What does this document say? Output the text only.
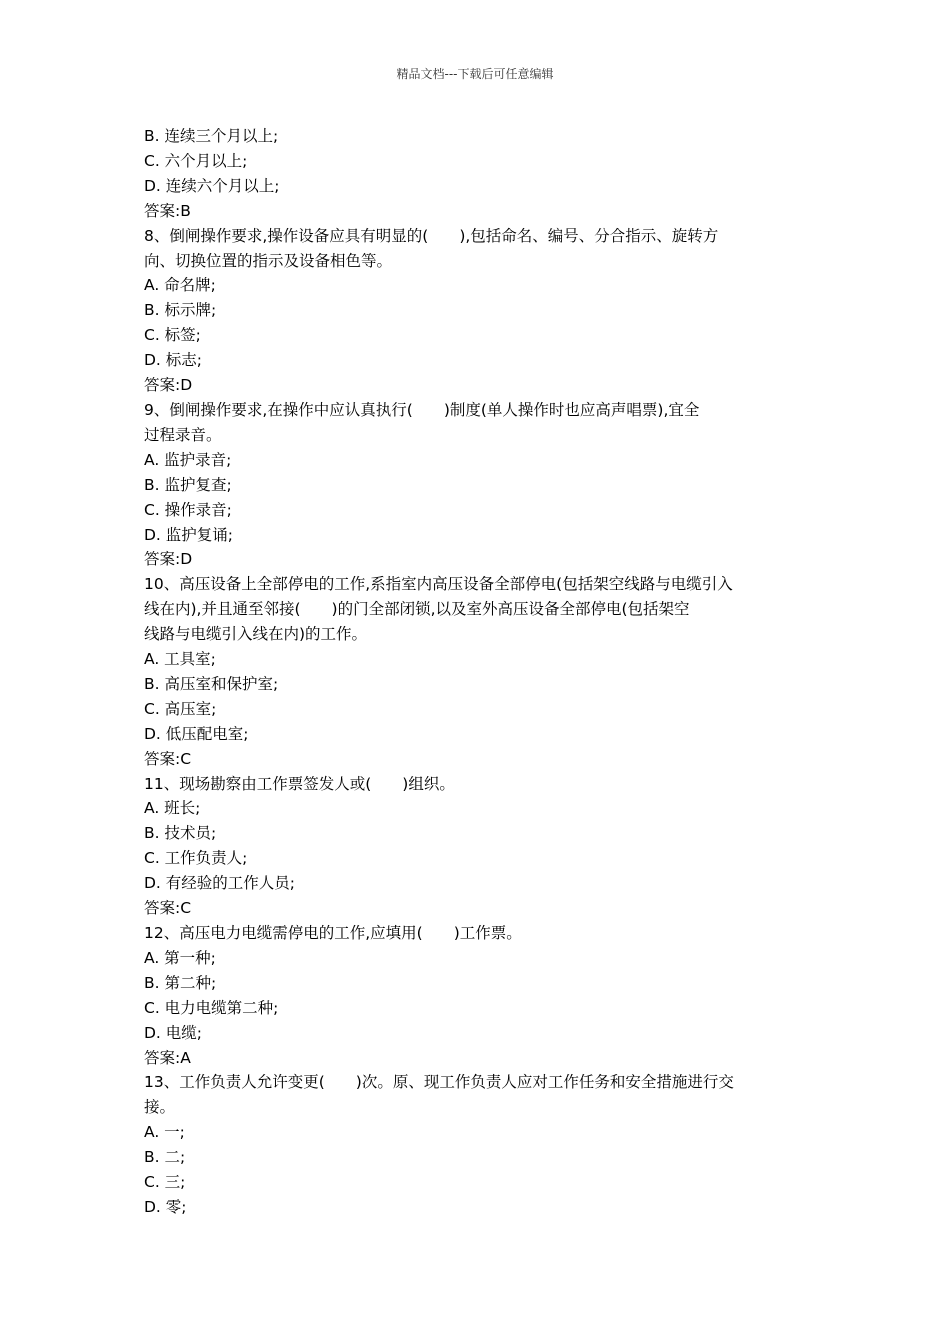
精品文档---下载后可任意编辑
B. 连续三个月以上;
C. 六个月以上;
D. 连续六个月以上;
答案:B
8、倒闸操作要求,操作设备应具有明显的(　　),包括命名、编号、分合指示、旋转方
向、切换位置的指示及设备相色等。
A. 命名牌;
B. 标示牌;
C. 标签;
D. 标志;
答案:D
9、倒闸操作要求,在操作中应认真执行(　　)制度(单人操作时也应高声唱票),宜全
过程录音。
A. 监护录音;
B. 监护复查;
C. 操作录音;
D. 监护复诵;
答案:D
10、高压设备上全部停电的工作,系指室内高压设备全部停电(包括架空线路与电缆引入
线在内),并且通至邻接(　　)的门全部闭锁,以及室外高压设备全部停电(包括架空
线路与电缆引入线在内)的工作。
A. 工具室;
B. 高压室和保护室;
C. 高压室;
D. 低压配电室;
答案:C
11、现场勘察由工作票签发人或(　　)组织。
A. 班长;
B. 技术员;
C. 工作负责人;
D. 有经验的工作人员;
答案:C
12、高压电力电缆需停电的工作,应填用(　　)工作票。
A. 第一种;
B. 第二种;
C. 电力电缆第二种;
D. 电缆;
答案:A
13、工作负责人允许变更(　　)次。原、现工作负责人应对工作任务和安全措施进行交
接。
A. 一;
B. 二;
C. 三;
D. 零;
